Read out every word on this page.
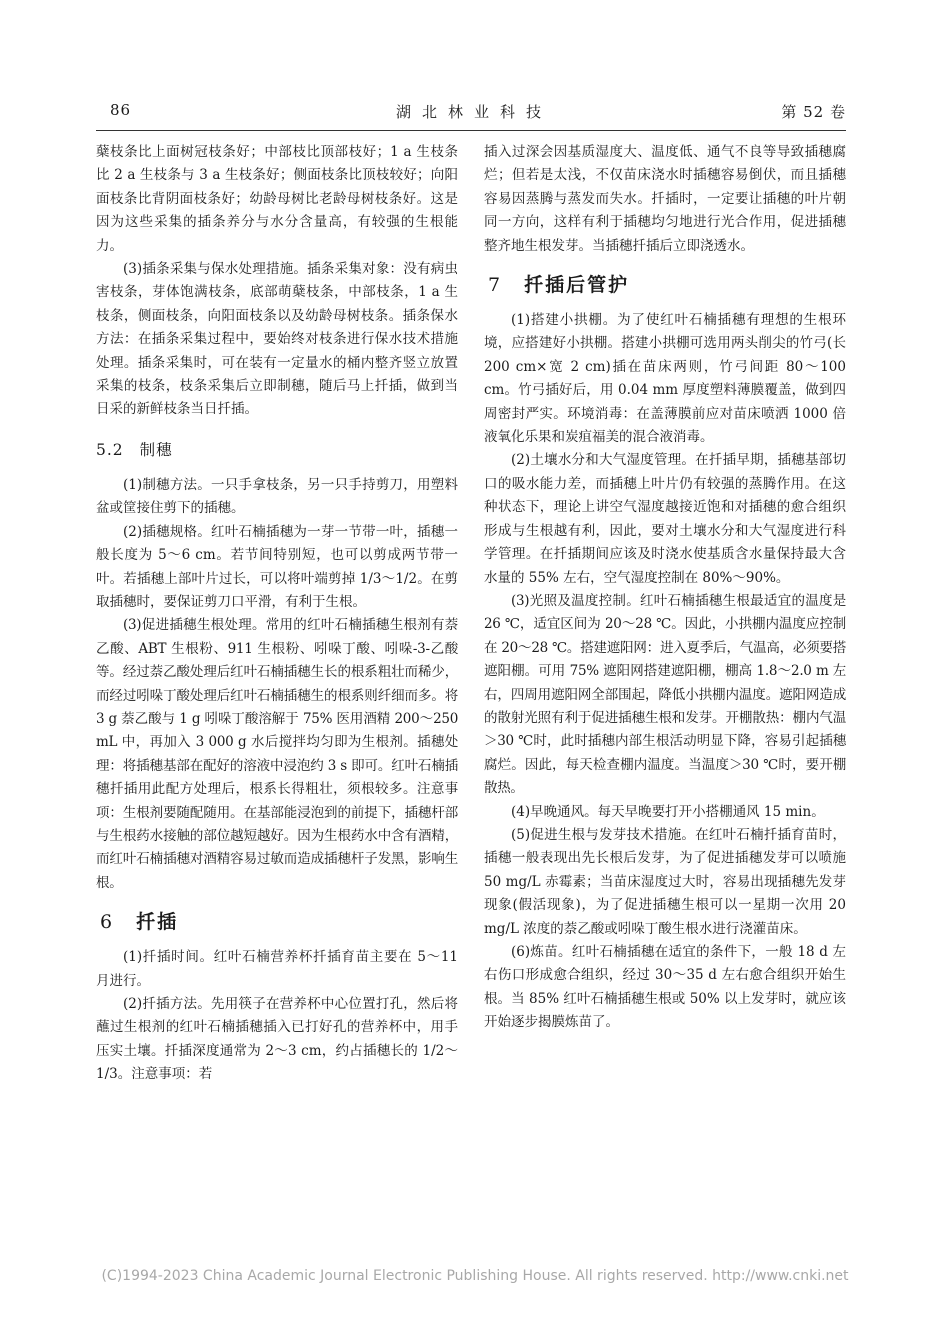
86	湖北林业科技	第 52 卷

蘖枝条比上面树冠枝条好；中部枝比顶部枝好；1 a 生枝条比 2 a 生枝条与 3 a 生枝条好；侧面枝条比顶枝较好；向阳面枝条比背阴面枝条好；幼龄母树比老龄母树枝条好。这是因为这些采集的插条养分与水分含量高，有较强的生根能力。

(3)插条采集与保水处理措施。插条采集对象：没有病虫害枝条，芽体饱满枝条，底部萌蘖枝条，中部枝条，1 a 生枝条，侧面枝条，向阳面枝条以及幼龄母树枝条。插条保水方法：在插条采集过程中，要始终对枝条进行保水技术措施处理。插条采集时，可在装有一定量水的桶内整齐竖立放置采集的枝条，枝条采集后立即制穗，随后马上扦插，做到当日采的新鲜枝条当日扦插。

5.2 制穗

(1)制穗方法。一只手拿枝条，另一只手持剪刀，用塑料盆或筐接住剪下的插穗。

(2)插穗规格。红叶石楠插穗为一芽一节带一叶，插穗一般长度为 5～6 cm。若节间特别短，也可以剪成两节带一叶。若插穗上部叶片过长，可以将叶端剪掉 1/3～1/2。在剪取插穗时，要保证剪刀口平滑，有利于生根。

(3)促进插穗生根处理。常用的红叶石楠插穗生根剂有萘乙酸、ABT 生根粉、911 生根粉、吲哚丁酸、吲哚-3-乙酸等。经过萘乙酸处理后红叶石楠插穗生长的根系粗壮而稀少，而经过吲哚丁酸处理后红叶石楠插穗生的根系则纤细而多。将 3 g 萘乙酸与 1 g 吲哚丁酸溶解于 75% 医用酒精 200～250 mL 中，再加入 3 000 g 水后搅拌均匀即为生根剂。插穗处理：将插穗基部在配好的溶液中浸泡约 3 s 即可。红叶石楠插穗扦插用此配方处理后，根系长得粗壮，须根较多。注意事项：生根剂要随配随用。在基部能浸泡到的前提下，插穗杆部与生根药水接触的部位越短越好。因为生根药水中含有酒精，而红叶石楠插穗对酒精容易过敏而造成插穗杆子发黑，影响生根。

6 扦插

(1)扦插时间。红叶石楠营养杯扦插育苗主要在 5～11 月进行。

(2)扦插方法。先用筷子在营养杯中心位置打孔，然后将蘸过生根剂的红叶石楠插穗插入已打好孔的营养杯中，用手压实土壤。扦插深度通常为 2～3 cm，约占插穗长的 1/2～1/3。注意事项：若

插入过深会因基质湿度大、温度低、通气不良等导致插穗腐烂；但若是太浅，不仅苗床浇水时插穗容易倒伏，而且插穗容易因蒸腾与蒸发而失水。扦插时，一定要让插穗的叶片朝同一方向，这样有利于插穗均匀地进行光合作用，促进插穗整齐地生根发芽。当插穗扦插后立即浇透水。

7 扦插后管护

(1)搭建小拱棚。为了使红叶石楠插穗有理想的生根环境，应搭建好小拱棚。搭建小拱棚可选用两头削尖的竹弓(长 200 cm×宽 2 cm)插在苗床两则，竹弓间距 80～100 cm。竹弓插好后，用 0.04 mm 厚度塑料薄膜覆盖，做到四周密封严实。环境消毒：在盖薄膜前应对苗床喷洒 1000 倍液氧化乐果和炭疽福美的混合液消毒。

(2)土壤水分和大气湿度管理。在扦插早期，插穗基部切口的吸水能力差，而插穗上叶片仍有较强的蒸腾作用。在这种状态下，理论上讲空气湿度越接近饱和对插穗的愈合组织形成与生根越有利，因此，要对土壤水分和大气湿度进行科学管理。在扦插期间应该及时浇水使基质含水量保持最大含水量的 55% 左右，空气湿度控制在 80%～90%。

(3)光照及温度控制。红叶石楠插穗生根最适宜的温度是 26 ℃，适宜区间为 20～28 ℃。因此，小拱棚内温度应控制在 20～28 ℃。搭建遮阳网：进入夏季后，气温高，必须要搭遮阳棚。可用 75% 遮阳网搭建遮阳棚，棚高 1.8～2.0 m 左右，四周用遮阳网全部围起，降低小拱棚内温度。遮阳网造成的散射光照有利于促进插穗生根和发芽。开棚散热：棚内气温＞30 ℃时，此时插穗内部生根活动明显下降，容易引起插穗腐烂。因此，每天检查棚内温度。当温度＞30 ℃时，要开棚散热。

(4)早晚通风。每天早晚要打开小搭棚通风 15 min。

(5)促进生根与发芽技术措施。在红叶石楠扦插育苗时，插穗一般表现出先长根后发芽，为了促进插穗发芽可以喷施 50 mg/L 赤霉素；当苗床湿度过大时，容易出现插穗先发芽现象(假活现象)，为了促进插穗生根可以一星期一次用 20 mg/L 浓度的萘乙酸或吲哚丁酸生根水进行浇灌苗床。

(6)炼苗。红叶石楠插穗在适宜的条件下，一般 18 d 左右伤口形成愈合组织，经过 30～35 d 左右愈合组织开始生根。当 85% 红叶石楠插穗生根或 50% 以上发芽时，就应该开始逐步揭膜炼苗了。

(C)1994-2023 China Academic Journal Electronic Publishing House. All rights reserved. http://www.cnki.net
